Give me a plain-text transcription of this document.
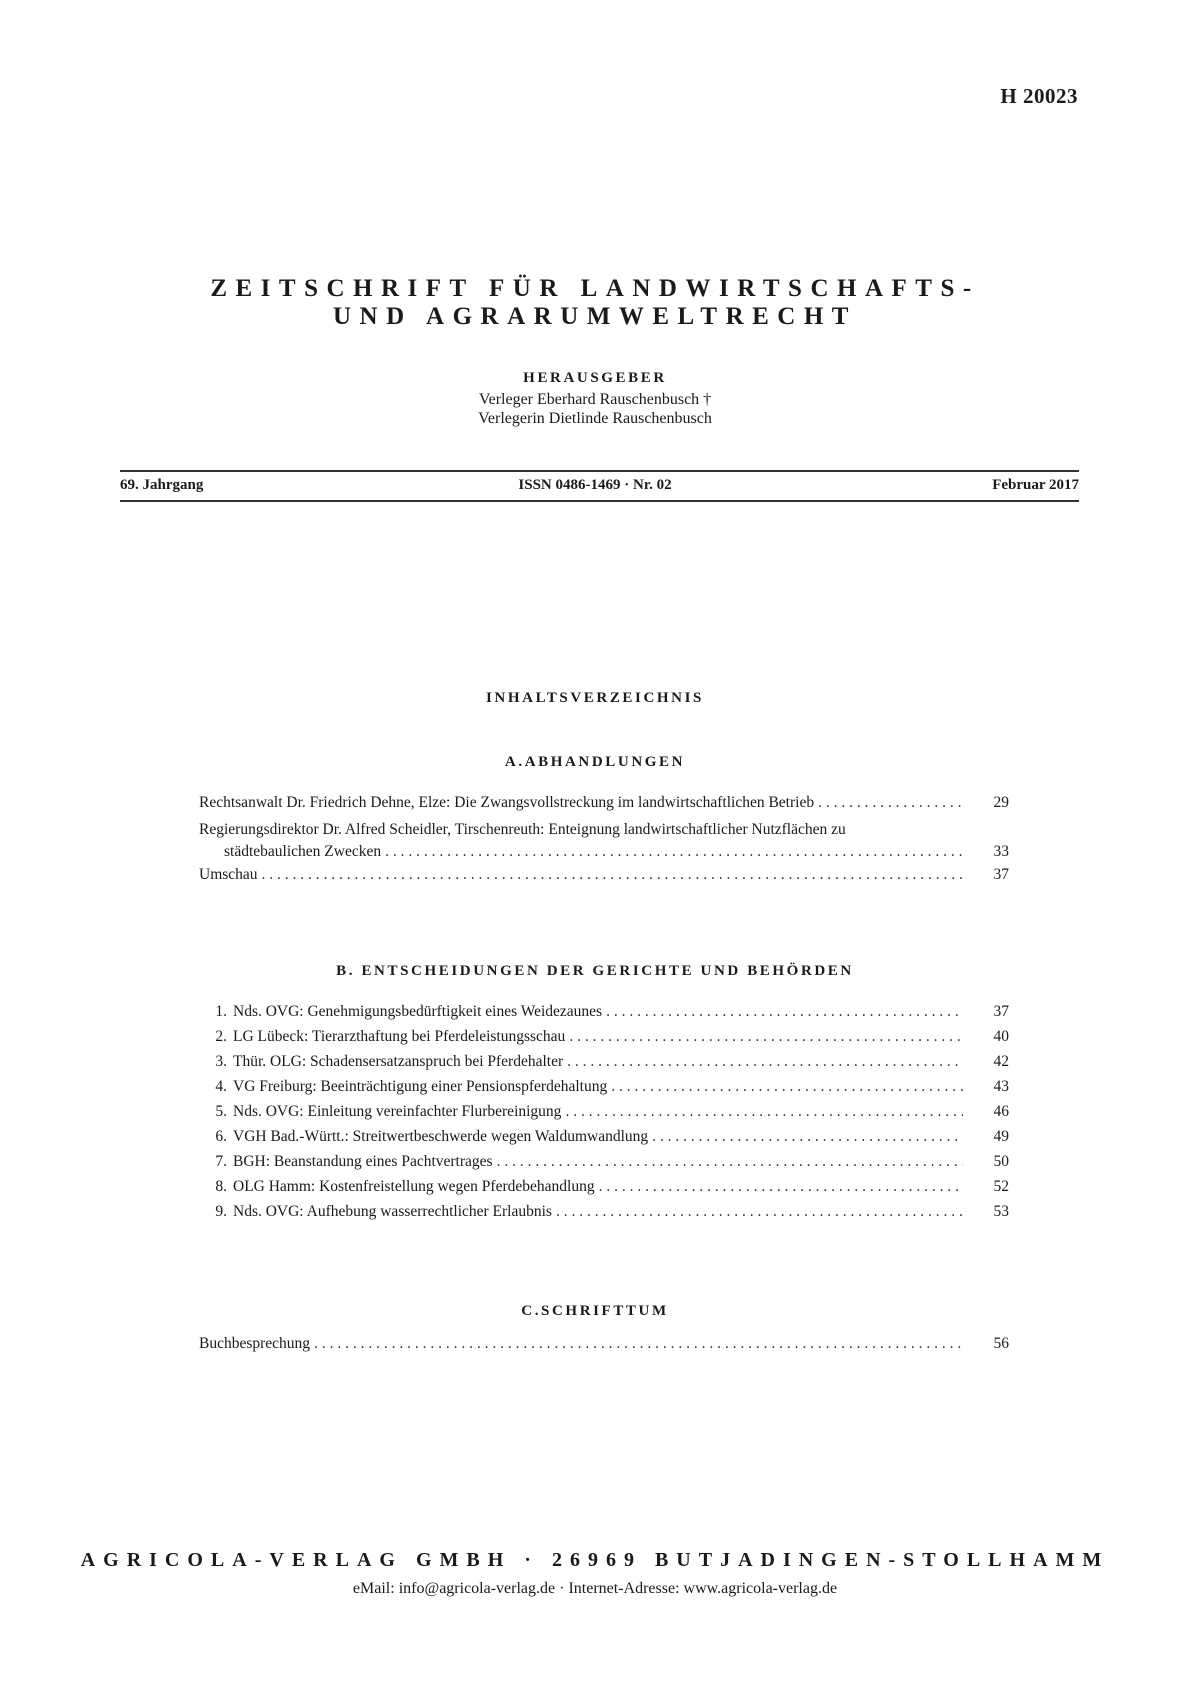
H 20023
ZEITSCHRIFT FÜR LANDWIRTSCHAFTS-
UND AGRARUMWELTRECHT
HERAUSGEBER
Verleger Eberhard Rauschenbusch †
Verlegerin Dietlinde Rauschenbusch
69. Jahrgang	ISSN 0486-1469 · Nr. 02	Februar 2017
INHALTSVERZEICHNIS
A.ABHANDLUNGEN
Rechtsanwalt Dr. Friedrich Dehne, Elze: Die Zwangsvollstreckung im landwirtschaftlichen Betrieb . . .	29
Regierungsdirektor Dr. Alfred Scheidler, Tirschenreuth: Enteignung landwirtschaftlicher Nutzflächen zu
städtebaulichen Zwecken . . .	33
Umschau . . .	37
B. ENTSCHEIDUNGEN DER GERICHTE UND BEHÖRDEN
1. Nds. OVG: Genehmigungsbedürftigkeit eines Weidezaunes . . .	37
2. LG Lübeck: Tierarzthaftung bei Pferdeleistungsschau . . .	40
3. Thür. OLG: Schadensersatzanspruch bei Pferdehalter . . .	42
4. VG Freiburg: Beeinträchtigung einer Pensionspferdehaltung . . .	43
5. Nds. OVG: Einleitung vereinfachter Flurbereinigung . . .	46
6. VGH Bad.-Württ.: Streitwertbeschwerde wegen Waldumwandlung . . .	49
7. BGH: Beanstandung eines Pachtvertrages . . .	50
8. OLG Hamm: Kostenfreistellung wegen Pferdebehandlung . . .	52
9. Nds. OVG: Aufhebung wasserrechtlicher Erlaubnis . . .	53
C.SCHRIFTTUM
Buchbesprechung . . .	56
AGRICOLA-VERLAG GMBH · 26969 BUTJADINGEN-STOLLHAMM
eMail: info@agricola-verlag.de · Internet-Adresse: www.agricola-verlag.de
